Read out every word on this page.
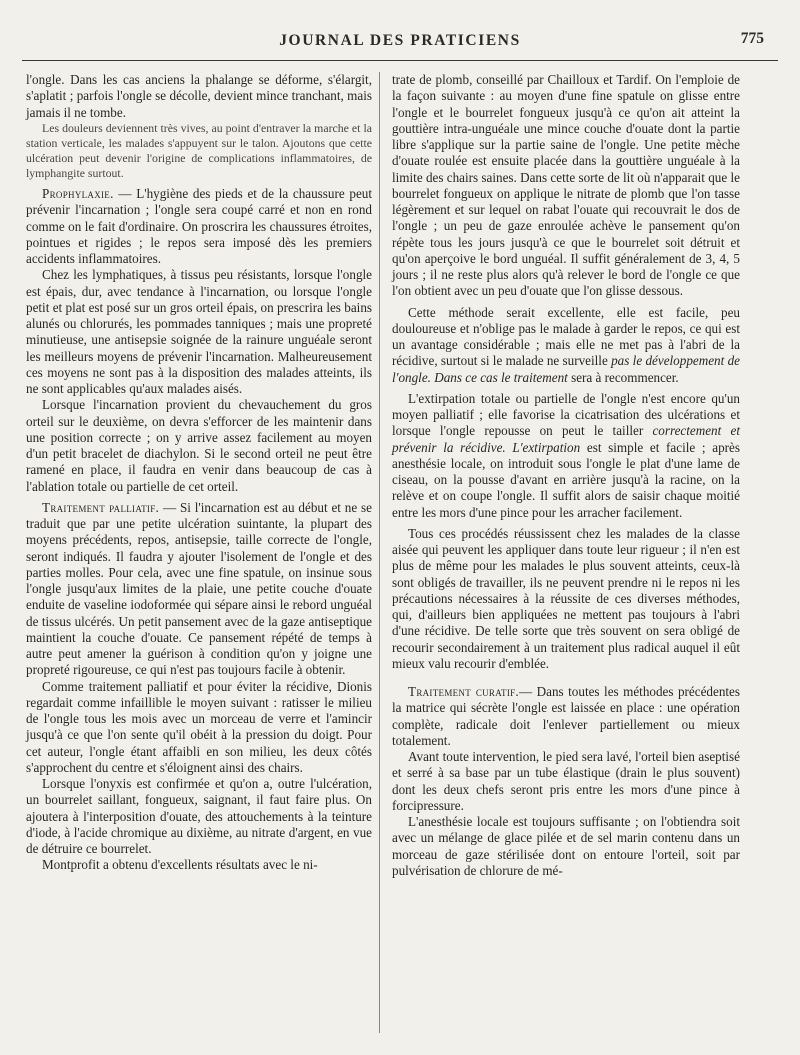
JOURNAL DES PRATICIENS	775

l'ongle. Dans les cas anciens la phalange se déforme, s'élargit, s'aplatit ; parfois l'ongle se décolle, devient mince tranchant, mais jamais il ne tombe.

Les douleurs deviennent très vives, au point d'entraver la marche et la station verticale, les malades s'appuyent sur le talon. Ajoutons que cette ulcération peut devenir l'origine de complications inflammatoires, de lymphangite surtout.

Prophylaxie. — L'hygiène des pieds et de la chaussure peut prévenir l'incarnation ; l'ongle sera coupé carré et non en rond comme on le fait d'ordinaire. On proscrira les chaussures étroites, pointues et rigides ; le repos sera imposé dès les premiers accidents inflammatoires.

Chez les lymphatiques, à tissus peu résistants, lorsque l'ongle est épais, dur, avec tendance à l'incarnation, ou lorsque l'ongle petit et plat est posé sur un gros orteil épais, on prescrira les bains alunés ou chlorurés, les pommades tanniques ; mais une propreté minutieuse, une antisepsie soignée de la rainure unguéale seront les meilleurs moyens de prévenir l'incarnation. Malheureusement ces moyens ne sont pas à la disposition des malades atteints, ils ne sont applicables qu'aux malades aisés.

Lorsque l'incarnation provient du chevauchement du gros orteil sur le deuxième, on devra s'efforcer de les maintenir dans une position correcte ; on y arrive assez facilement au moyen d'un petit bracelet de diachylon. Si le second orteil ne peut être ramené en place, il faudra en venir dans beaucoup de cas à l'ablation totale ou partielle de cet orteil.

Traitement palliatif. — Si l'incarnation est au début et ne se traduit que par une petite ulcération suintante, la plupart des moyens précédents, repos, antisepsie, taille correcte de l'ongle, seront indiqués. Il faudra y ajouter l'isolement de l'ongle et des parties molles. Pour cela, avec une fine spatule, on insinue sous l'ongle jusqu'aux limites de la plaie, une petite couche d'ouate enduite de vaseline iodoformée qui sépare ainsi le rebord unguéal de tissus ulcérés. Un petit pansement avec de la gaze antiseptique maintient la couche d'ouate. Ce pansement répété de temps à autre peut amener la guérison à condition qu'on y joigne une propreté rigoureuse, ce qui n'est pas toujours facile à obtenir.

Comme traitement palliatif et pour éviter la récidive, Dionis regardait comme infaillible le moyen suivant : ratisser le milieu de l'ongle tous les mois avec un morceau de verre et l'amincir jusqu'à ce que l'on sente qu'il obéit à la pression du doigt. Pour cet auteur, l'ongle étant affaibli en son milieu, les deux côtés s'approchent du centre et s'éloignent ainsi des chairs.

Lorsque l'onyxis est confirmée et qu'on a, outre l'ulcération, un bourrelet saillant, fongueux, saignant, il faut faire plus. On ajoutera à l'interposition d'ouate, des attouchements à la teinture d'iode, à l'acide chromique au dixième, au nitrate d'argent, en vue de détruire ce bourrelet.

Montprofit a obtenu d'excellents résultats avec le ni-

trate de plomb, conseillé par Chailloux et Tardif. On l'emploie de la façon suivante : au moyen d'une fine spatule on glisse entre l'ongle et le bourrelet fongueux jusqu'à ce qu'on ait atteint la gouttière intra-unguéale une mince couche d'ouate dont la partie libre s'applique sur la partie saine de l'ongle. Une petite mèche d'ouate roulée est ensuite placée dans la gouttière unguéale à la limite des chairs saines. Dans cette sorte de lit où n'apparait que le bourrelet fongueux on applique le nitrate de plomb que l'on tasse légèrement et sur lequel on rabat l'ouate qui recouvrait le dos de l'ongle ; un peu de gaze enroulée achève le pansement qu'on répète tous les jours jusqu'à ce que le bourrelet soit détruit et qu'on aperçoive le bord unguéal. Il suffit généralement de 3, 4, 5 jours ; il ne reste plus alors qu'à relever le bord de l'ongle ce que l'on obtient avec un peu d'ouate que l'on glisse dessous.

Cette méthode serait excellente, elle est facile, peu douloureuse et n'oblige pas le malade à garder le repos, ce qui est un avantage considérable ; mais elle ne met pas à l'abri de la récidive, surtout si le malade ne surveille pas le développement de l'ongle. Dans ce cas le traitement sera à recommencer.

L'extirpation totale ou partielle de l'ongle n'est encore qu'un moyen palliatif ; elle favorise la cicatrisation des ulcérations et lorsque l'ongle repousse on peut le tailler correctement et prévenir la récidive. L'extirpation est simple et facile ; après anesthésie locale, on introduit sous l'ongle le plat d'une lame de ciseau, on la pousse d'avant en arrière jusqu'à la racine, on la relève et on coupe l'ongle. Il suffit alors de saisir chaque moitié entre les mors d'une pince pour les arracher facilement.

Tous ces procédés réussissent chez les malades de la classe aisée qui peuvent les appliquer dans toute leur rigueur ; il n'en est plus de même pour les malades le plus souvent atteints, ceux-là sont obligés de travailler, ils ne peuvent prendre ni le repos ni les précautions nécessaires à la réussite de ces diverses méthodes, qui, d'ailleurs bien appliquées ne mettent pas toujours à l'abri d'une récidive. De telle sorte que très souvent on sera obligé de recourir secondairement à un traitement plus radical auquel il eût mieux valu recourir d'emblée.

Traitement curatif.— Dans toutes les méthodes précédentes la matrice qui sécrète l'ongle est laissée en place : une opération complète, radicale doit l'enlever partiellement ou mieux totalement.

Avant toute intervention, le pied sera lavé, l'orteil bien aseptisé et serré à sa base par un tube élastique (drain le plus souvent) dont les deux chefs seront pris entre les mors d'une pince à forcipressure.

L'anesthésie locale est toujours suffisante ; on l'obtiendra soit avec un mélange de glace pilée et de sel marin contenu dans un morceau de gaze stérilisée dont on entoure l'orteil, soit par pulvérisation de chlorure de mé-
